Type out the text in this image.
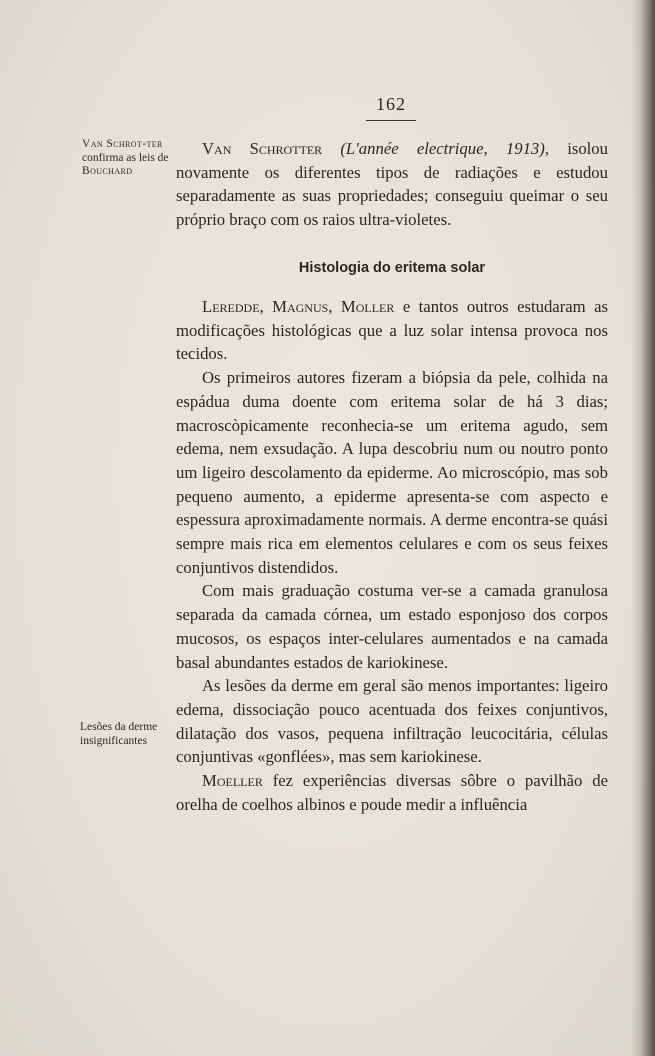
162

Van Schrot-ter confirma as leis de Bouchard

Lesões da derme insignificantes

Van Schrotter (L'année electrique, 1913), isolou novamente os diferentes tipos de radiações e estudou separadamente as suas propriedades; conseguiu queimar o seu próprio braço com os raios ultra-violetes.

Histologia do eritema solar

Leredde, Magnus, Moller e tantos outros estudaram as modificações histológicas que a luz solar intensa provoca nos tecidos.

Os primeiros autores fizeram a biópsia da pele, colhida na espádua duma doente com eritema solar de há 3 dias; macroscòpicamente reconhecia-se um eritema agudo, sem edema, nem exsudação. A lupa descobriu num ou noutro ponto um ligeiro descolamento da epiderme. Ao microscópio, mas sob pequeno aumento, a epiderme apresenta-se com aspecto e espessura aproximadamente normais. A derme encontra-se quási sempre mais rica em elementos celulares e com os seus feixes conjuntivos distendidos.

Com mais graduação costuma ver-se a camada granulosa separada da camada córnea, um estado esponjoso dos corpos mucosos, os espaços inter-celulares aumentados e na camada basal abundantes estados de kariokinese.

As lesões da derme em geral são menos importantes: ligeiro edema, dissociação pouco acentuada dos feixes conjuntivos, dilatação dos vasos, pequena infiltração leucocitária, células conjuntivas «gonflées», mas sem kariokinese.

Moeller fez experiências diversas sôbre o pavilhão de orelha de coelhos albinos e poude medir a influência
